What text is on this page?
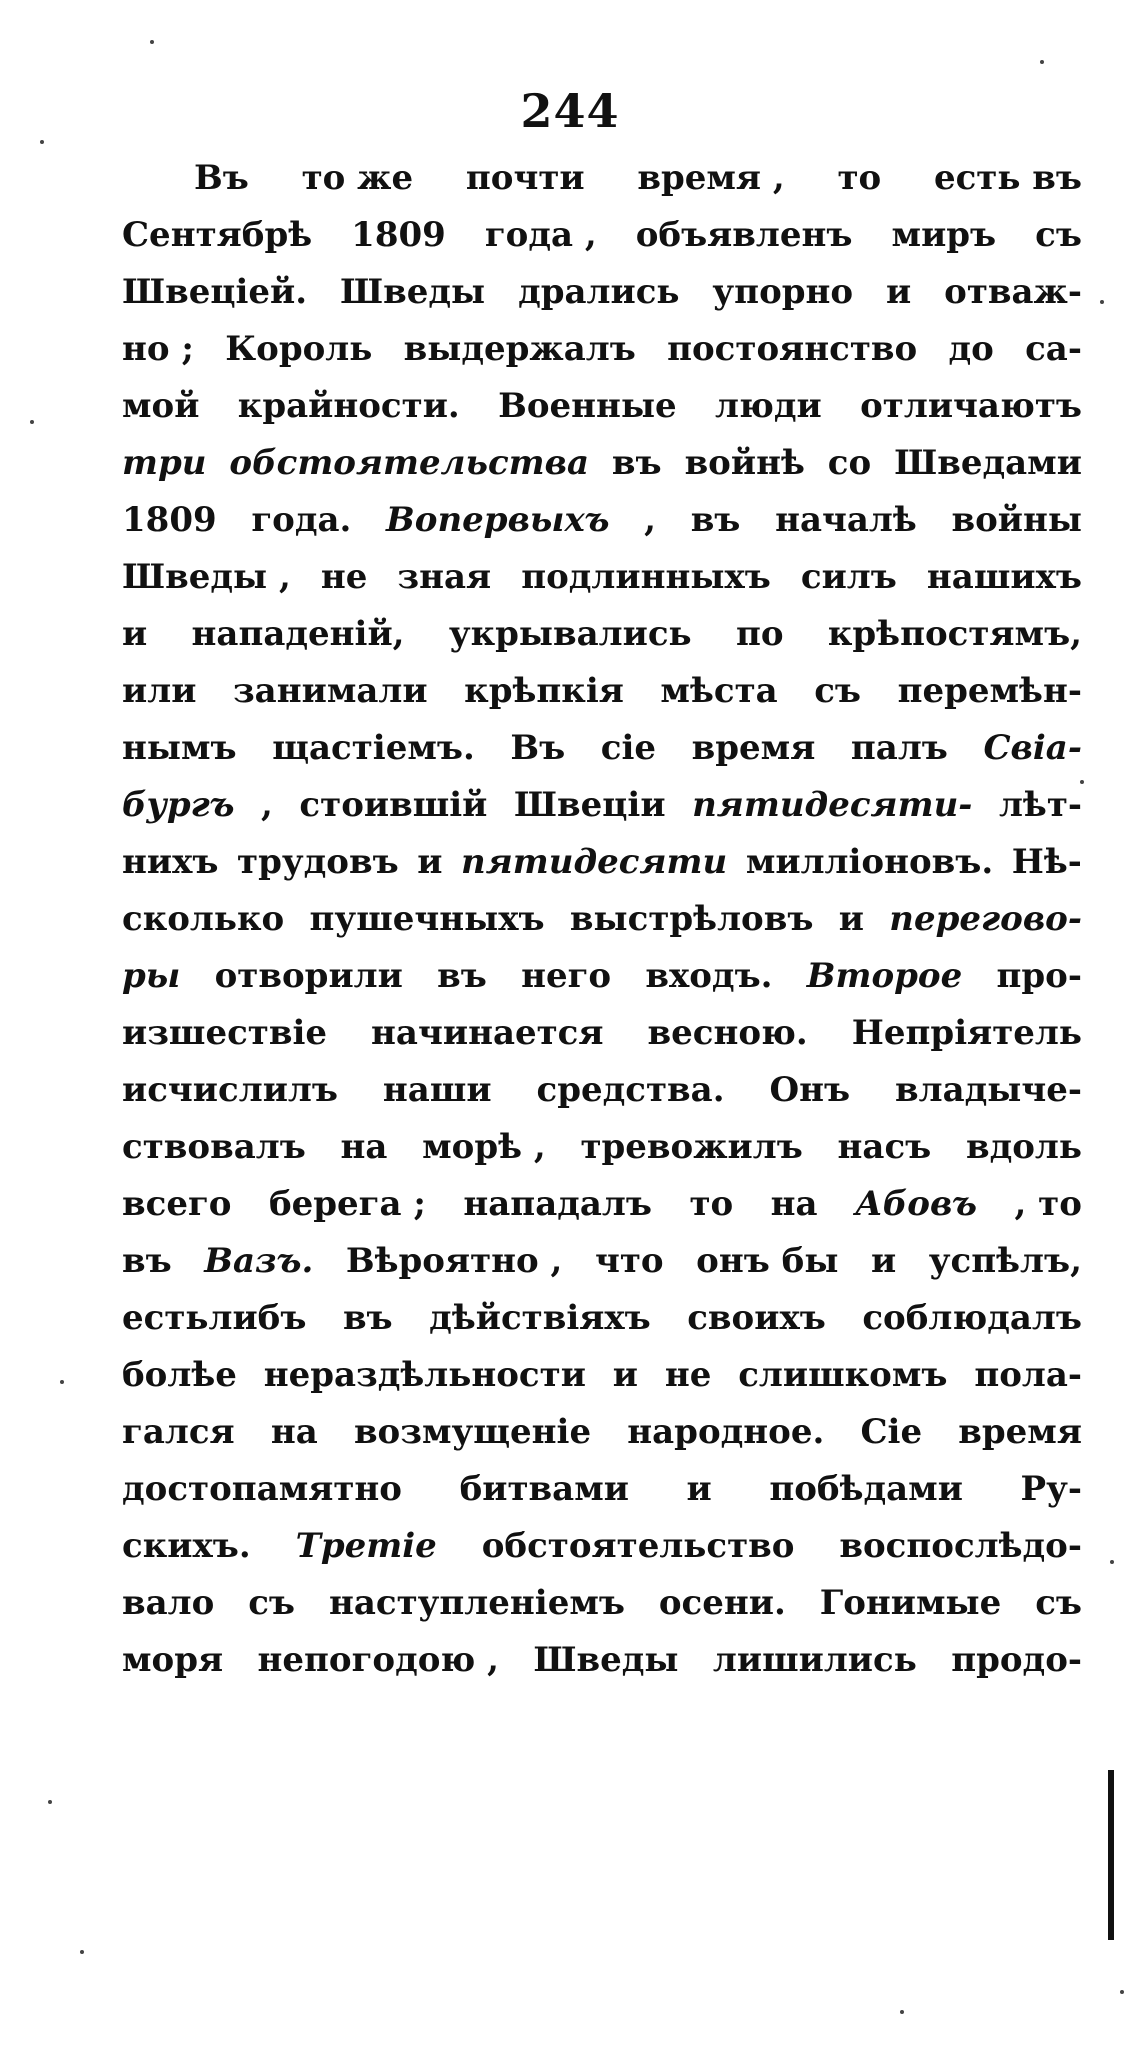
244
Въ то же почти время , то есть въ
Сентябрѣ 1809 года , объявленъ миръ съ
Швецiей. Шведы дрались упорно и отваж-
но ; Король выдержалъ постоянство до са-
мой крайности. Военные люди отличаютъ
три обстоятельства въ войнѣ со Шведами
1809 года. Вопервыхъ , въ началѣ войны
Шведы , не зная подлинныхъ силъ нашихъ
и нападенiй, укрывались по крѣпостямъ,
или занимали крѣпкiя мѣста съ перемѣн-
нымъ щастiемъ. Въ сiе время палъ Свiа-
бургъ , стоившiй Швецiи пятидесяти- лѣт-
нихъ трудовъ и пятидесяти миллiоновъ. Нѣ-
сколько пушечныхъ выстрѣловъ и перегово-
ры отворили въ него входъ. Второе про-
изшествiе начинается весною. Непрiятель
исчислилъ наши средства. Онъ владыче-
ствовалъ на морѣ , тревожилъ насъ вдоль
всего берега ; нападалъ то на Абовъ , то
въ Вазъ. Вѣроятно , что онъ бы и успѣлъ,
естьлибъ въ дѣйствiяхъ своихъ соблюдалъ
болѣе нераздѣльности и не слишкомъ пола-
гался на возмущенiе народное. Сiе время
достопамятно битвами и побѣдами Ру-
скихъ. Третiе обстоятельство воспослѣдо-
вало съ наступленiемъ осени. Гонимые съ
моря непогодою , Шведы лишились продо-
